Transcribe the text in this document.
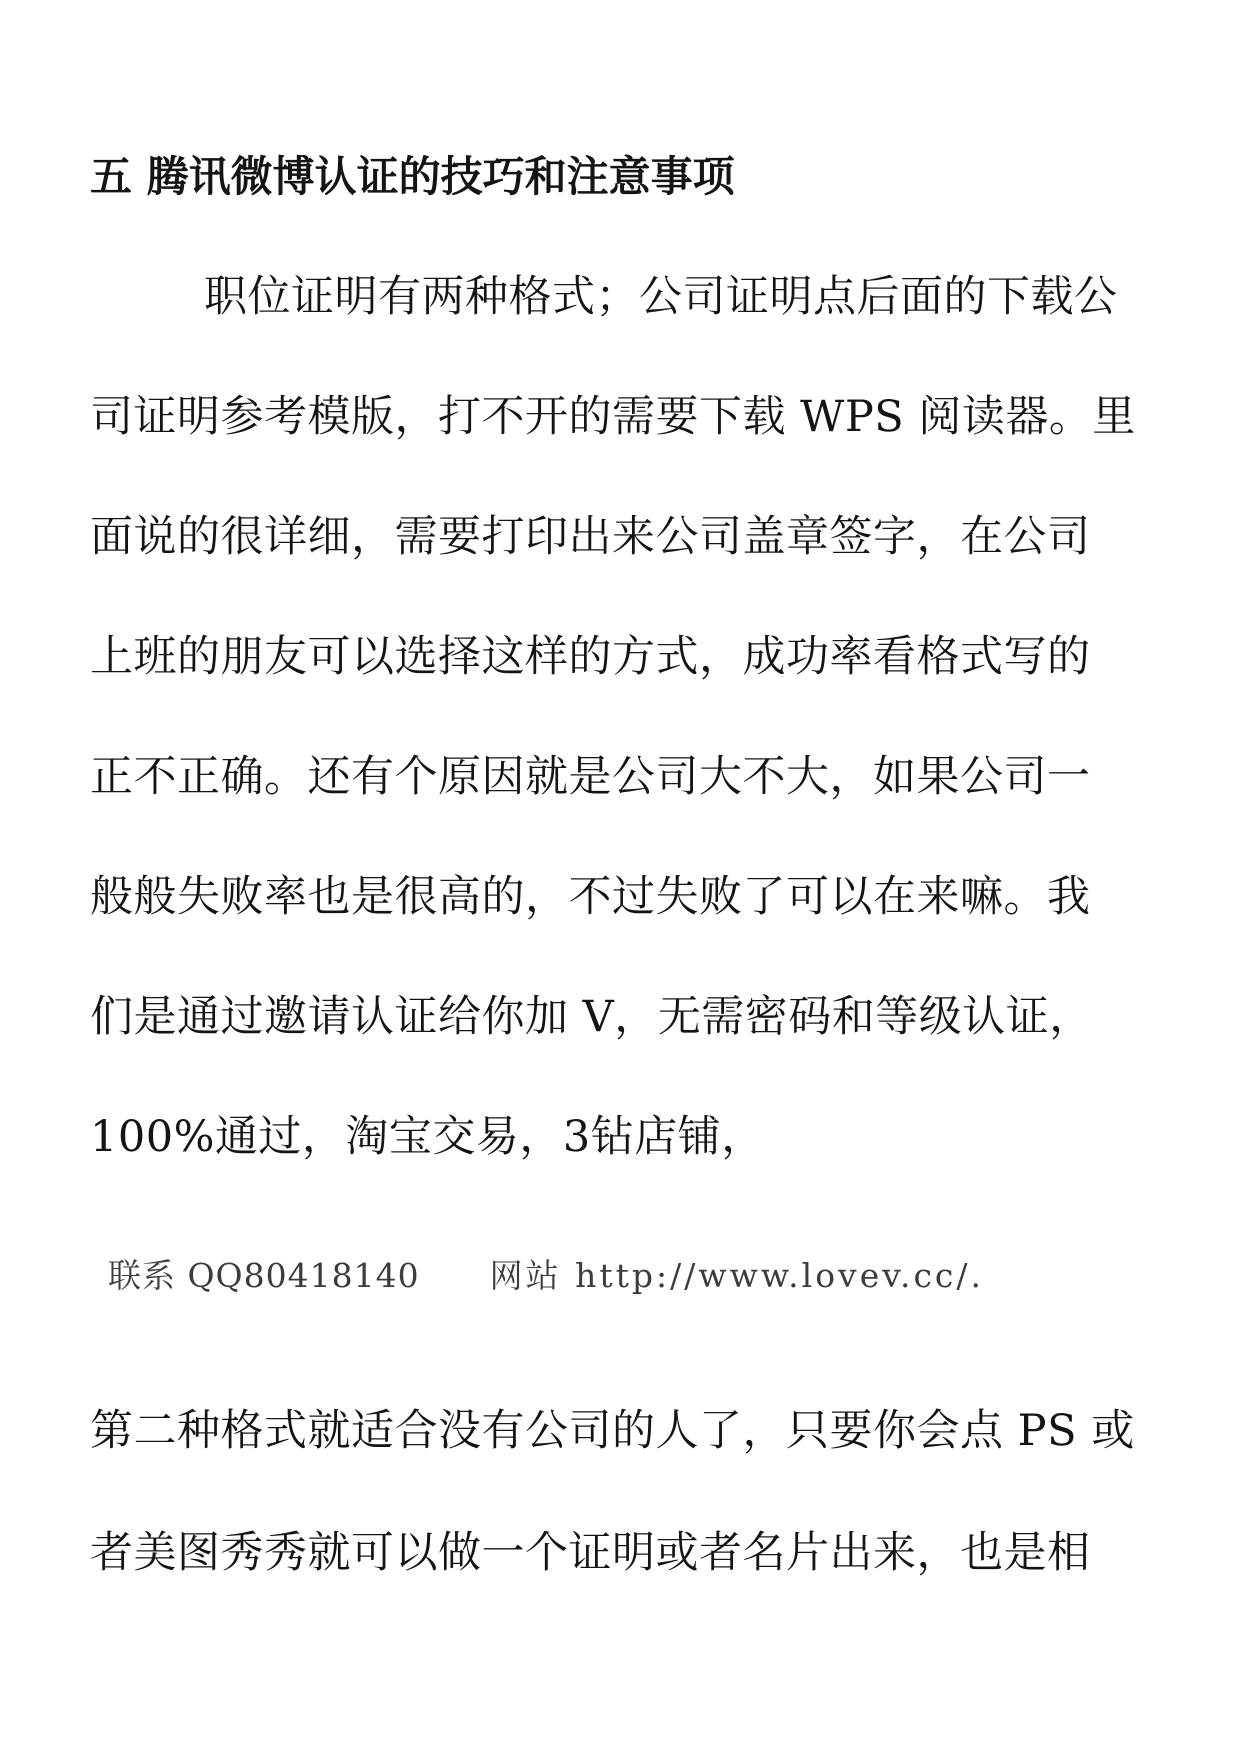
五 腾讯微博认证的技巧和注意事项

职位证明有两种格式；公司证明点后面的下载公

司证明参考模版，打不开的需要下载 WPS 阅读器。里

面说的很详细，需要打印出来公司盖章签字，在公司

上班的朋友可以选择这样的方式，成功率看格式写的

正不正确。还有个原因就是公司大不大，如果公司一

般般失败率也是很高的，不过失败了可以在来嘛。我

们是通过邀请认证给你加 V，无需密码和等级认证，

100%通过，淘宝交易，3钻店铺，

联系 QQ80418140 网站 http://www.lovev.cc/.

第二种格式就适合没有公司的人了，只要你会点 PS 或

者美图秀秀就可以做一个证明或者名片出来，也是相
